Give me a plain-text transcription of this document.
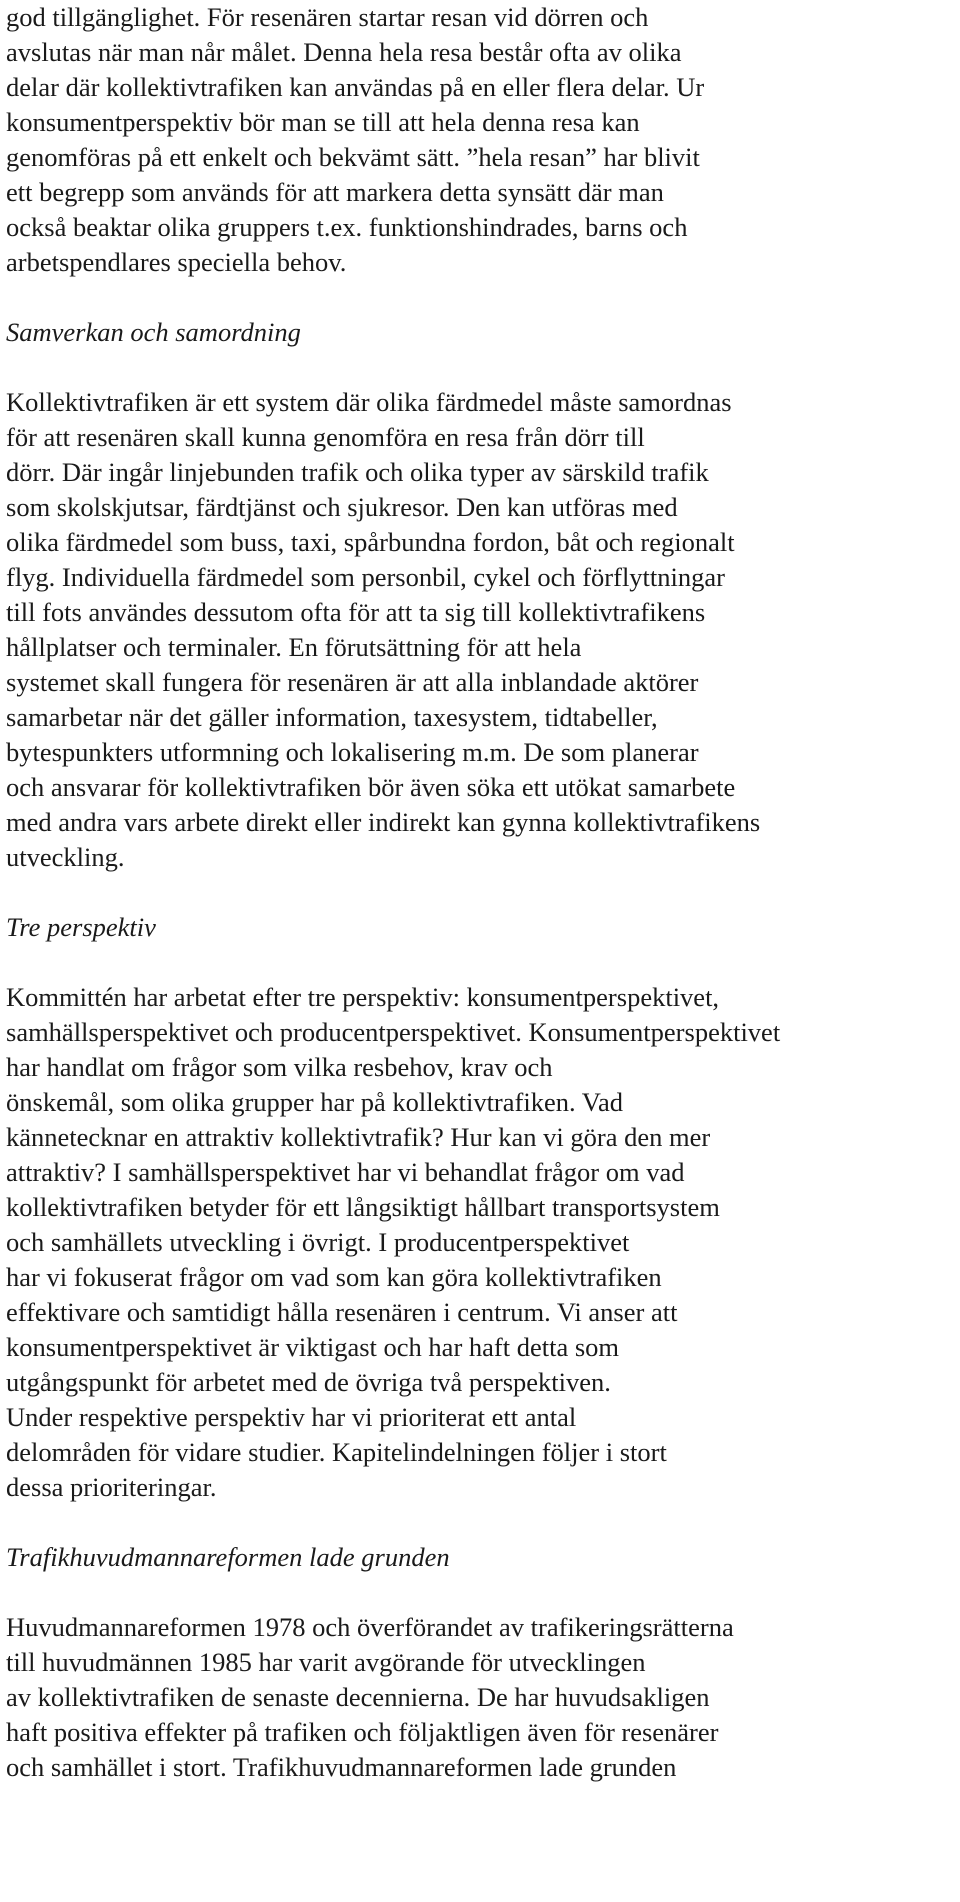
god tillgänglighet. För resenären startar resan vid dörren och
avslutas när man når målet. Denna hela resa består ofta av olika
delar där kollektivtrafiken kan användas på en eller flera delar. Ur
konsumentperspektiv bör man se till att hela denna resa kan
genomföras på ett enkelt och bekvämt sätt. ”hela resan” har blivit
ett begrepp som används för att markera detta synsätt där man
också beaktar olika gruppers t.ex. funktionshindrades, barns och
arbetspendlares speciella behov.
Samverkan och samordning
Kollektivtrafiken är ett system där olika färdmedel måste samordnas
för att resenären skall kunna genomföra en resa från dörr till
dörr. Där ingår linjebunden trafik och olika typer av särskild trafik
som skolskjutsar, färdtjänst och sjukresor. Den kan utföras med
olika färdmedel som buss, taxi, spårbundna fordon, båt och regionalt
flyg. Individuella färdmedel som personbil, cykel och förflyttningar
till fots användes dessutom ofta för att ta sig till kollektivtrafikens
hållplatser och terminaler. En förutsättning för att hela
systemet skall fungera för resenären är att alla inblandade aktörer
samarbetar när det gäller information, taxesystem, tidtabeller,
bytespunkters utformning och lokalisering m.m. De som planerar
och ansvarar för kollektivtrafiken bör även söka ett utökat samarbete
med andra vars arbete direkt eller indirekt kan gynna kollektivtrafikens
utveckling.
Tre perspektiv
Kommittén har arbetat efter tre perspektiv: konsumentperspektivet,
samhällsperspektivet och producentperspektivet. Konsumentperspektivet
har handlat om frågor som vilka resbehov, krav och
önskemål, som olika grupper har på kollektivtrafiken. Vad
kännetecknar en attraktiv kollektivtrafik? Hur kan vi göra den mer
attraktiv? I samhällsperspektivet har vi behandlat frågor om vad
kollektivtrafiken betyder för ett långsiktigt hållbart transportsystem
och samhällets utveckling i övrigt. I producentperspektivet
har vi fokuserat frågor om vad som kan göra kollektivtrafiken
effektivare och samtidigt hålla resenären i centrum. Vi anser att
konsumentperspektivet är viktigast och har haft detta som
utgångspunkt för arbetet med de övriga två perspektiven.
Under respektive perspektiv har vi prioriterat ett antal
delområden för vidare studier. Kapitelindelningen följer i stort
dessa prioriteringar.
Trafikhuvudmannareformen lade grunden
Huvudmannareformen 1978 och överförandet av trafikeringsrätterna
till huvudmännen 1985 har varit avgörande för utvecklingen
av kollektivtrafiken de senaste decennierna. De har huvudsakligen
haft positiva effekter på trafiken och följaktligen även för resenärer
och samhället i stort. Trafikhuvudmannareformen lade grunden
